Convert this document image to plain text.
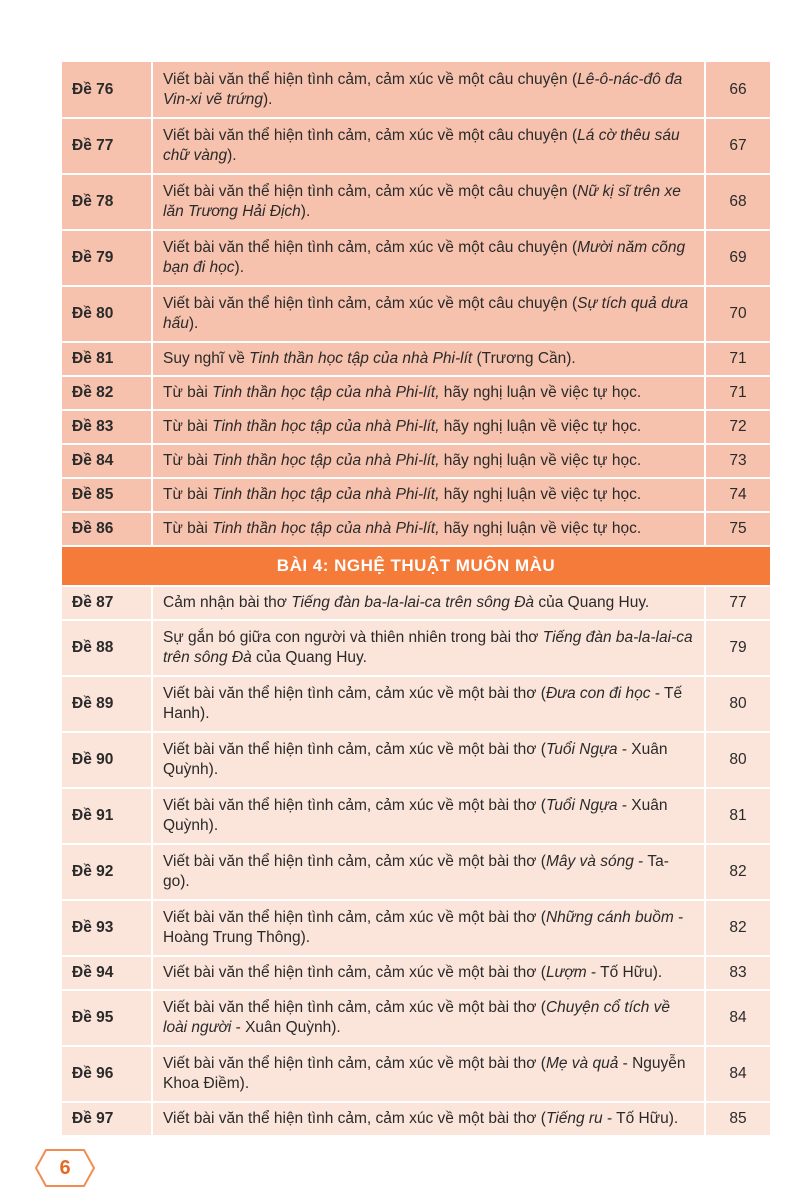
Đề 76	Viết bài văn thể hiện tình cảm, cảm xúc về một câu chuyện (Lê-ô-nác-đô đa Vin-xi vẽ trứng).	66
Đề 77	Viết bài văn thể hiện tình cảm, cảm xúc về một câu chuyện (Lá cờ thêu sáu chữ vàng).	67
Đề 78	Viết bài văn thể hiện tình cảm, cảm xúc về một câu chuyện (Nữ kị sĩ trên xe lăn Trương Hải Địch).	68
Đề 79	Viết bài văn thể hiện tình cảm, cảm xúc về một câu chuyện (Mười năm cõng bạn đi học).	69
Đề 80	Viết bài văn thể hiện tình cảm, cảm xúc về một câu chuyện (Sự tích quả dưa hấu).	70
Đề 81	Suy nghĩ về Tinh thần học tập của nhà Phi-lít (Trương Cần).	71
Đề 82	Từ bài Tinh thần học tập của nhà Phi-lít, hãy nghị luận về việc tự học.	71
Đề 83	Từ bài Tinh thần học tập của nhà Phi-lít, hãy nghị luận về việc tự học.	72
Đề 84	Từ bài Tinh thần học tập của nhà Phi-lít, hãy nghị luận về việc tự học.	73
Đề 85	Từ bài Tinh thần học tập của nhà Phi-lít, hãy nghị luận về việc tự học.	74
Đề 86	Từ bài Tinh thần học tập của nhà Phi-lít, hãy nghị luận về việc tự học.	75
BÀI 4: NGHỆ THUẬT MUÔN MÀU		
Đề 87	Cảm nhận bài thơ Tiếng đàn ba-la-lai-ca trên sông Đà của Quang Huy.	77
Đề 88	Sự gắn bó giữa con người và thiên nhiên trong bài thơ Tiếng đàn ba-la-lai-ca trên sông Đà của Quang Huy.	79
Đề 89	Viết bài văn thể hiện tình cảm, cảm xúc về một bài thơ (Đưa con đi học - Tế Hanh).	80
Đề 90	Viết bài văn thể hiện tình cảm, cảm xúc về một bài thơ (Tuổi Ngựa - Xuân Quỳnh).	80
Đề 91	Viết bài văn thể hiện tình cảm, cảm xúc về một bài thơ (Tuổi Ngựa - Xuân Quỳnh).	81
Đề 92	Viết bài văn thể hiện tình cảm, cảm xúc về một bài thơ (Mây và sóng - Ta-go).	82
Đề 93	Viết bài văn thể hiện tình cảm, cảm xúc về một bài thơ (Những cánh buồm - Hoàng Trung Thông).	82
Đề 94	Viết bài văn thể hiện tình cảm, cảm xúc về một bài thơ (Lượm - Tố Hữu).	83
Đề 95	Viết bài văn thể hiện tình cảm, cảm xúc về một bài thơ (Chuyện cổ tích về loài người - Xuân Quỳnh).	84
Đề 96	Viết bài văn thể hiện tình cảm, cảm xúc về một bài thơ (Mẹ và quả - Nguyễn Khoa Điềm).	84
Đề 97	Viết bài văn thể hiện tình cảm, cảm xúc về một bài thơ (Tiếng ru - Tố Hữu).	85
6
